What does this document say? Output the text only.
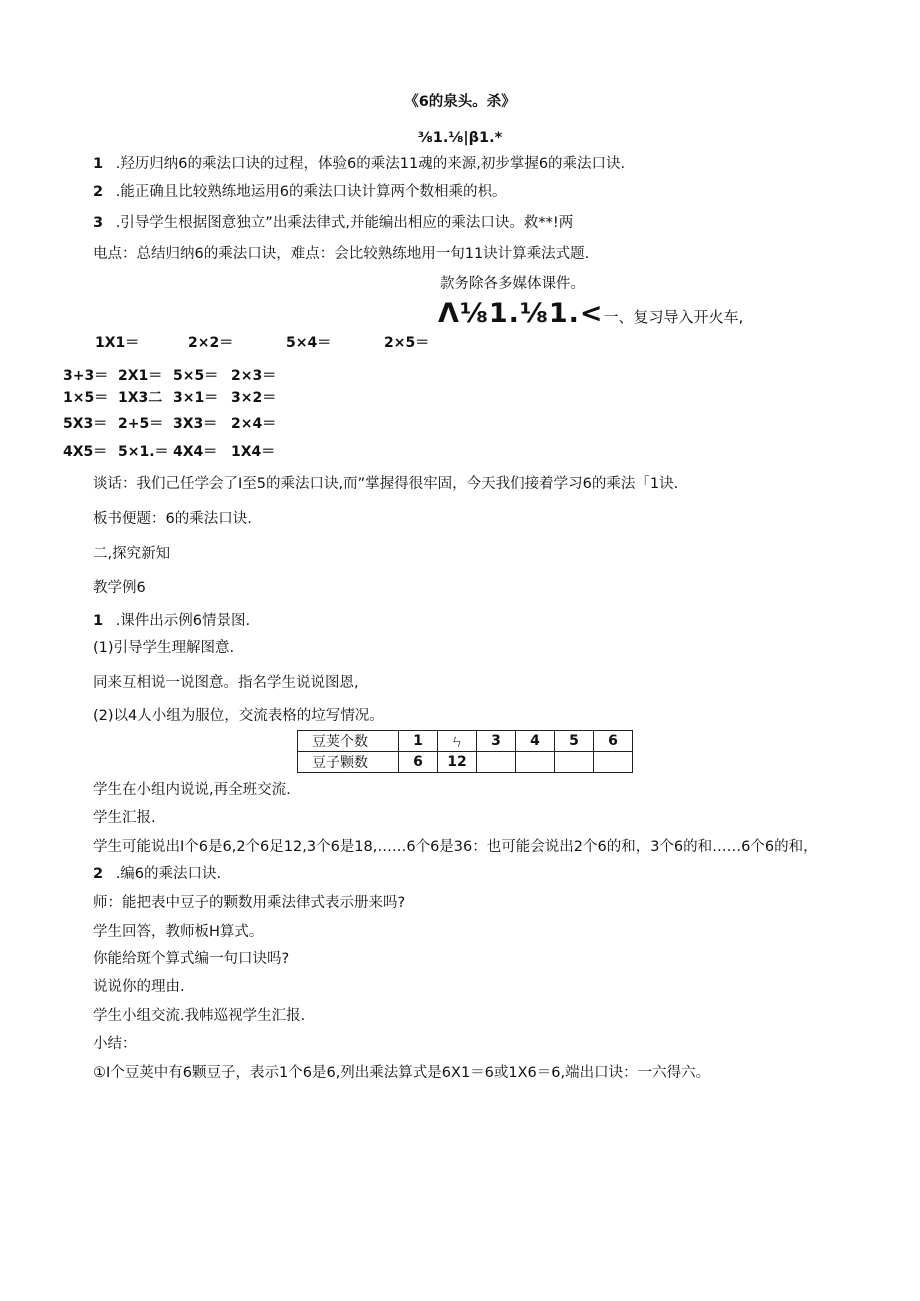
《6的泉头。杀》
⅜1.⅛|β1.*
1 .羟历归纳6的乘法口诀的过程，体验6的乘法11魂的来源,初步掌握6的乘法口诀.
2 .能正确且比较熟练地运用6的乘法口诀计算两个数相乘的枳。
3 .引导学生根据图意独立”出乘法律式,并能编出相应的乘法口诀。救**!两
电点：总结归纳6的乘法口诀，难点：会比较熟练地用一旬11诀计算乘法式题.
款务除各多媒体课件。
Λ⅛1.⅛1.<一、复习导入开火车,
1X1＝	2×2＝	5×4＝	2×5＝
3+3＝ 2X1＝ 5×5＝ 2×3＝
1×5＝ 1X3二 3×1＝ 3×2＝
5X3＝ 2+5＝ 3X3＝ 2×4＝
4X5＝ 5×1.＝ 4X4＝ 1X4＝
谈话：我们己任学会了I至5的乘法口诀,而”掌握得很牢固，今天我们接着学习6的乘法「1诀.
板书便题：6的乘法口诀.
二,探究新知
教学例6
1 .课件出示例6情景图.
(1)引导学生理解图意.
同来互相说一说图意。指名学生说说图恩,
(2)以4人小组为服位，交流表格的垃写情况。
豆荚个数	1	ㄣ	3	4	5	6
豆子颗数	6	12				
学生在小组内说说,再全班交流.
学生汇报.
学生可能说出I个6是6,2个6足12,3个6是18,……6个6是36：也可能会说出2个6的和，3个6的和……6个6的和，
2 .编6的乘法口诀.
师：能把表中豆子的颗数用乘法律式表示册来吗?
学生回答，教师板H算式。
你能给斑个算式编一句口诀吗?
说说你的理由.
学生小组交流.我帏巡视学生汇报.
小结：
①I个豆荚中有6颗豆子，表示1个6是6,列出乘法算式是6X1＝6或1X6＝6,端出口诀：一六得六。
